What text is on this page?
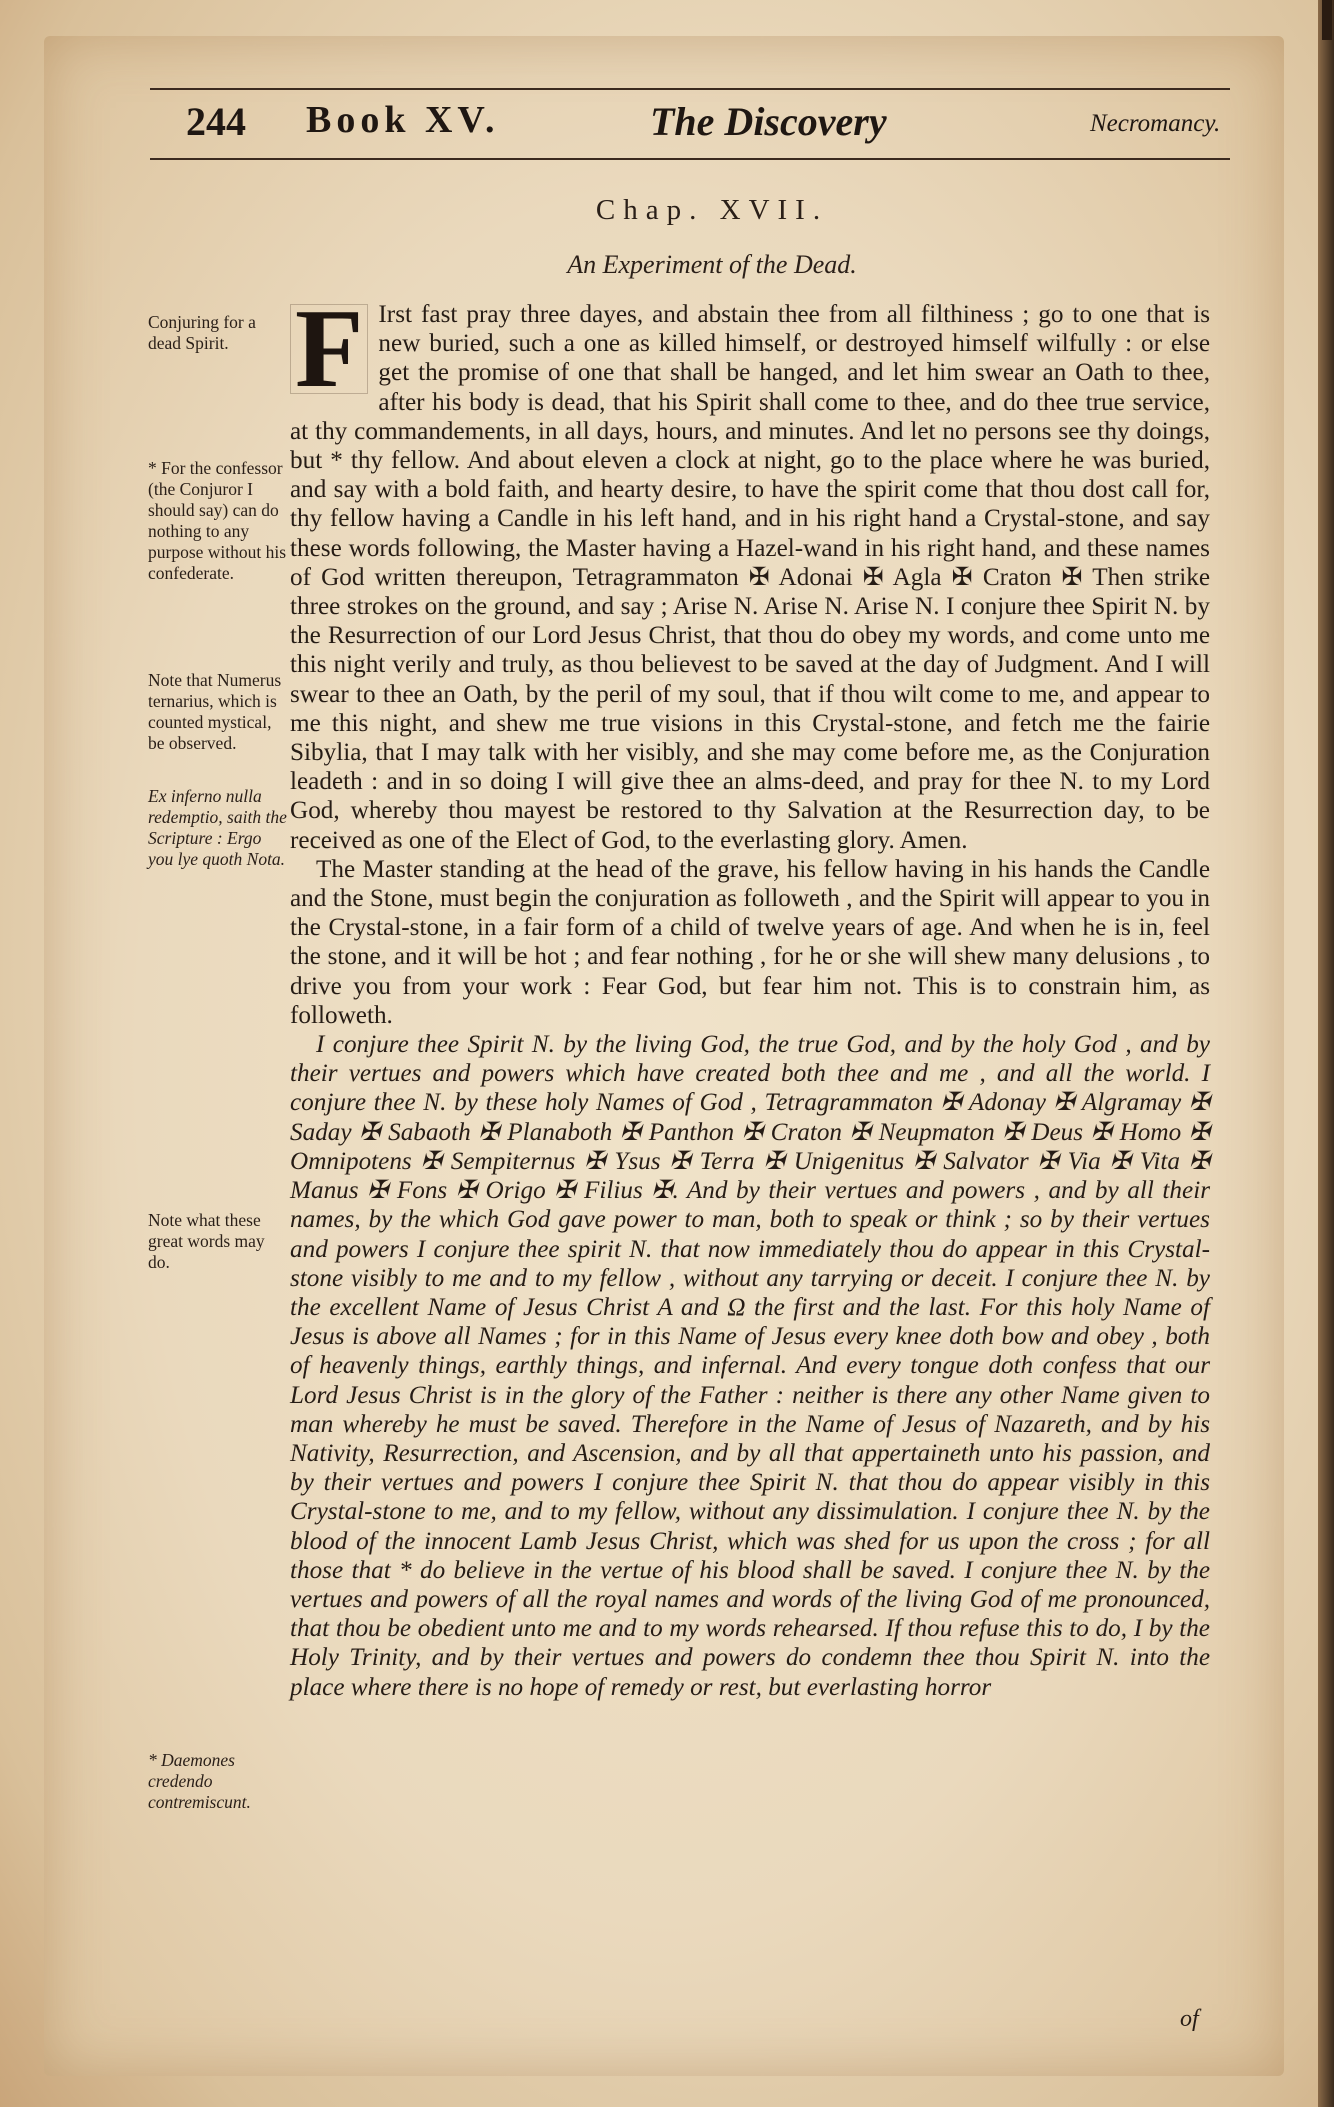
244 Book XV.	The Discovery	Necromancy.
Chap. XVII.
An Experiment of the Dead.
Conjuring for a dead Spirit.
* For the confessor (the Conjuror I should say) can do nothing to any purpose without his confederate.
Note that Numerus ternarius, which is counted mystical, be observed.
Ex inferno nulla redemptio, saith the Scripture : Ergo you lye quoth Nota.
Note what these great words may do.
* Daemones credendo contremiscunt.

F Irst fast pray three dayes, and abstain thee from all filthiness ; go to one that is new buried, such a one as killed himself, or destroyed himself wilfully : or else get the promise of one that shall be hanged, and let him swear an Oath to thee, after his body is dead, that his Spirit shall come to thee, and do thee true service, at thy commandements, in all days, hours, and minutes. And let no persons see thy doings, but * thy fellow. And about eleven a clock at night, go to the place where he was buried, and say with a bold faith, and hearty desire, to have the spirit come that thou dost call for, thy fellow having a Candle in his left hand, and in his right hand a Crystal-stone, and say these words following, the Master having a Hazel-wand in his right hand, and these names of God written thereupon, Tetragrammaton ✠ Adonai ✠ Agla ✠ Craton ✠ Then strike three strokes on the ground, and say ; Arise N. Arise N. Arise N. I conjure thee Spirit N. by the Resurrection of our Lord Jesus Christ, that thou do obey my words, and come unto me this night verily and truly, as thou believest to be saved at the day of Judgment. And I will swear to thee an Oath, by the peril of my soul, that if thou wilt come to me, and appear to me this night, and shew me true visions in this Crystal-stone, and fetch me the fairie Sibylia, that I may talk with her visibly, and she may come before me, as the Conjuration leadeth : and in so doing I will give thee an alms-deed, and pray for thee N. to my Lord God, whereby thou mayest be restored to thy Salvation at the Resurrection day, to be received as one of the Elect of God, to the everlasting glory. Amen.

The Master standing at the head of the grave, his fellow having in his hands the Candle and the Stone, must begin the conjuration as followeth , and the Spirit will appear to you in the Crystal-stone, in a fair form of a child of twelve years of age. And when he is in, feel the stone, and it will be hot ; and fear nothing , for he or she will shew many delusions , to drive you from your work : Fear God, but fear him not. This is to constrain him, as followeth.

I conjure thee Spirit N. by the living God, the true God, and by the holy God , and by their vertues and powers which have created both thee and me , and all the world. I conjure thee N. by these holy Names of God , Tetragrammaton ✠ Adonay ✠ Algramay ✠ Saday ✠ Sabaoth ✠ Planaboth ✠ Panthon ✠ Craton ✠ Neupmaton ✠ Deus ✠ Homo ✠ Omnipotens ✠ Sempiternus ✠ Ysus ✠ Terra ✠ Unigenitus ✠ Salvator ✠ Via ✠ Vita ✠ Manus ✠ Fons ✠ Origo ✠ Filius ✠. And by their vertues and powers , and by all their names, by the which God gave power to man, both to speak or think ; so by their vertues and powers I conjure thee spirit N. that now immediately thou do appear in this Crystal-stone visibly to me and to my fellow , without any tarrying or deceit. I conjure thee N. by the excellent Name of Jesus Christ A and Ω the first and the last. For this holy Name of Jesus is above all Names ; for in this Name of Jesus every knee doth bow and obey , both of heavenly things, earthly things, and infernal. And every tongue doth confess that our Lord Jesus Christ is in the glory of the Father : neither is there any other Name given to man whereby he must be saved. Therefore in the Name of Jesus of Nazareth, and by his Nativity, Resurrection, and Ascension, and by all that appertaineth unto his passion, and by their vertues and powers I conjure thee Spirit N. that thou do appear visibly in this Crystal-stone to me, and to my fellow, without any dissimulation. I conjure thee N. by the blood of the innocent Lamb Jesus Christ, which was shed for us upon the cross ; for all those that * do believe in the vertue of his blood shall be saved. I conjure thee N. by the vertues and powers of all the royal names and words of the living God of me pronounced, that thou be obedient unto me and to my words rehearsed. If thou refuse this to do, I by the Holy Trinity, and by their vertues and powers do condemn thee thou Spirit N. into the place where there is no hope of remedy or rest, but everlasting horror

of
